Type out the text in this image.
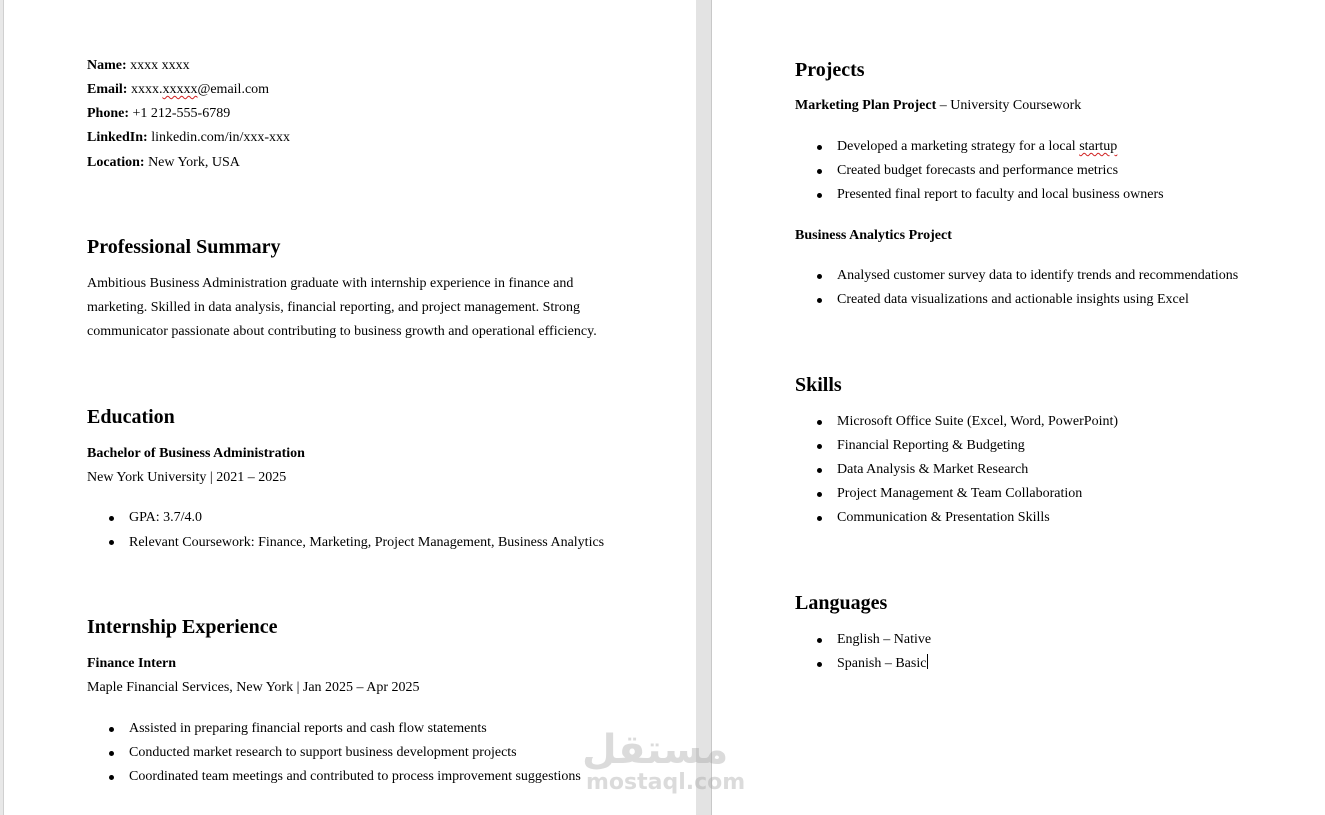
Name: xxxx xxxx
Email: xxxx.xxxxx@email.com
Phone: +1 212-555-6789
LinkedIn: linkedin.com/in/xxx-xxx
Location: New York, USA
Professional Summary
Ambitious Business Administration graduate with internship experience in finance and marketing. Skilled in data analysis, financial reporting, and project management. Strong communicator passionate about contributing to business growth and operational efficiency.
Education
Bachelor of Business Administration
New York University | 2021 – 2025
GPA: 3.7/4.0
Relevant Coursework: Finance, Marketing, Project Management, Business Analytics
Internship Experience
Finance Intern
Maple Financial Services, New York | Jan 2025 – Apr 2025
Assisted in preparing financial reports and cash flow statements
Conducted market research to support business development projects
Coordinated team meetings and contributed to process improvement suggestions
Projects
Marketing Plan Project – University Coursework
Developed a marketing strategy for a local startup
Created budget forecasts and performance metrics
Presented final report to faculty and local business owners
Business Analytics Project
Analysed customer survey data to identify trends and recommendations
Created data visualizations and actionable insights using Excel
Skills
Microsoft Office Suite (Excel, Word, PowerPoint)
Financial Reporting & Budgeting
Data Analysis & Market Research
Project Management & Team Collaboration
Communication & Presentation Skills
Languages
English – Native
Spanish – Basic
مستقل
mostaql.com
